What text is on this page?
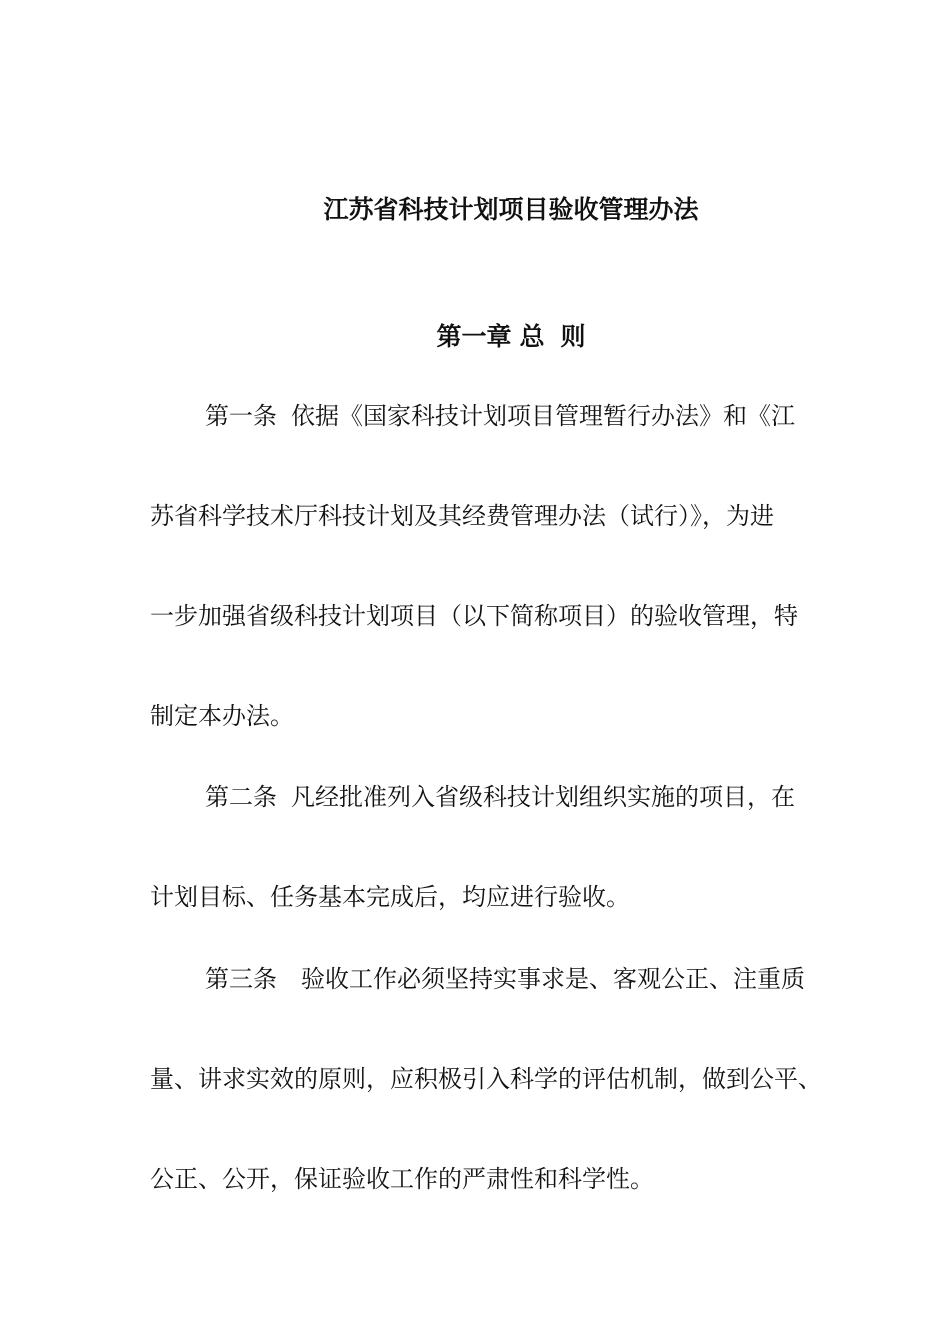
江苏省科技计划项目验收管理办法
第一章 总 则
第一条 依据《国家科技计划项目管理暂行办法》和《江
苏省科学技术厅科技计划及其经费管理办法（试行）》，为进
一步加强省级科技计划项目（以下简称项目）的验收管理，特
制定本办法。
第二条 凡经批准列入省级科技计划组织实施的项目，在
计划目标、任务基本完成后，均应进行验收。
第三条 验收工作必须坚持实事求是、客观公正、注重质
量、讲求实效的原则，应积极引入科学的评估机制，做到公平、
公正、公开，保证验收工作的严肃性和科学性。
